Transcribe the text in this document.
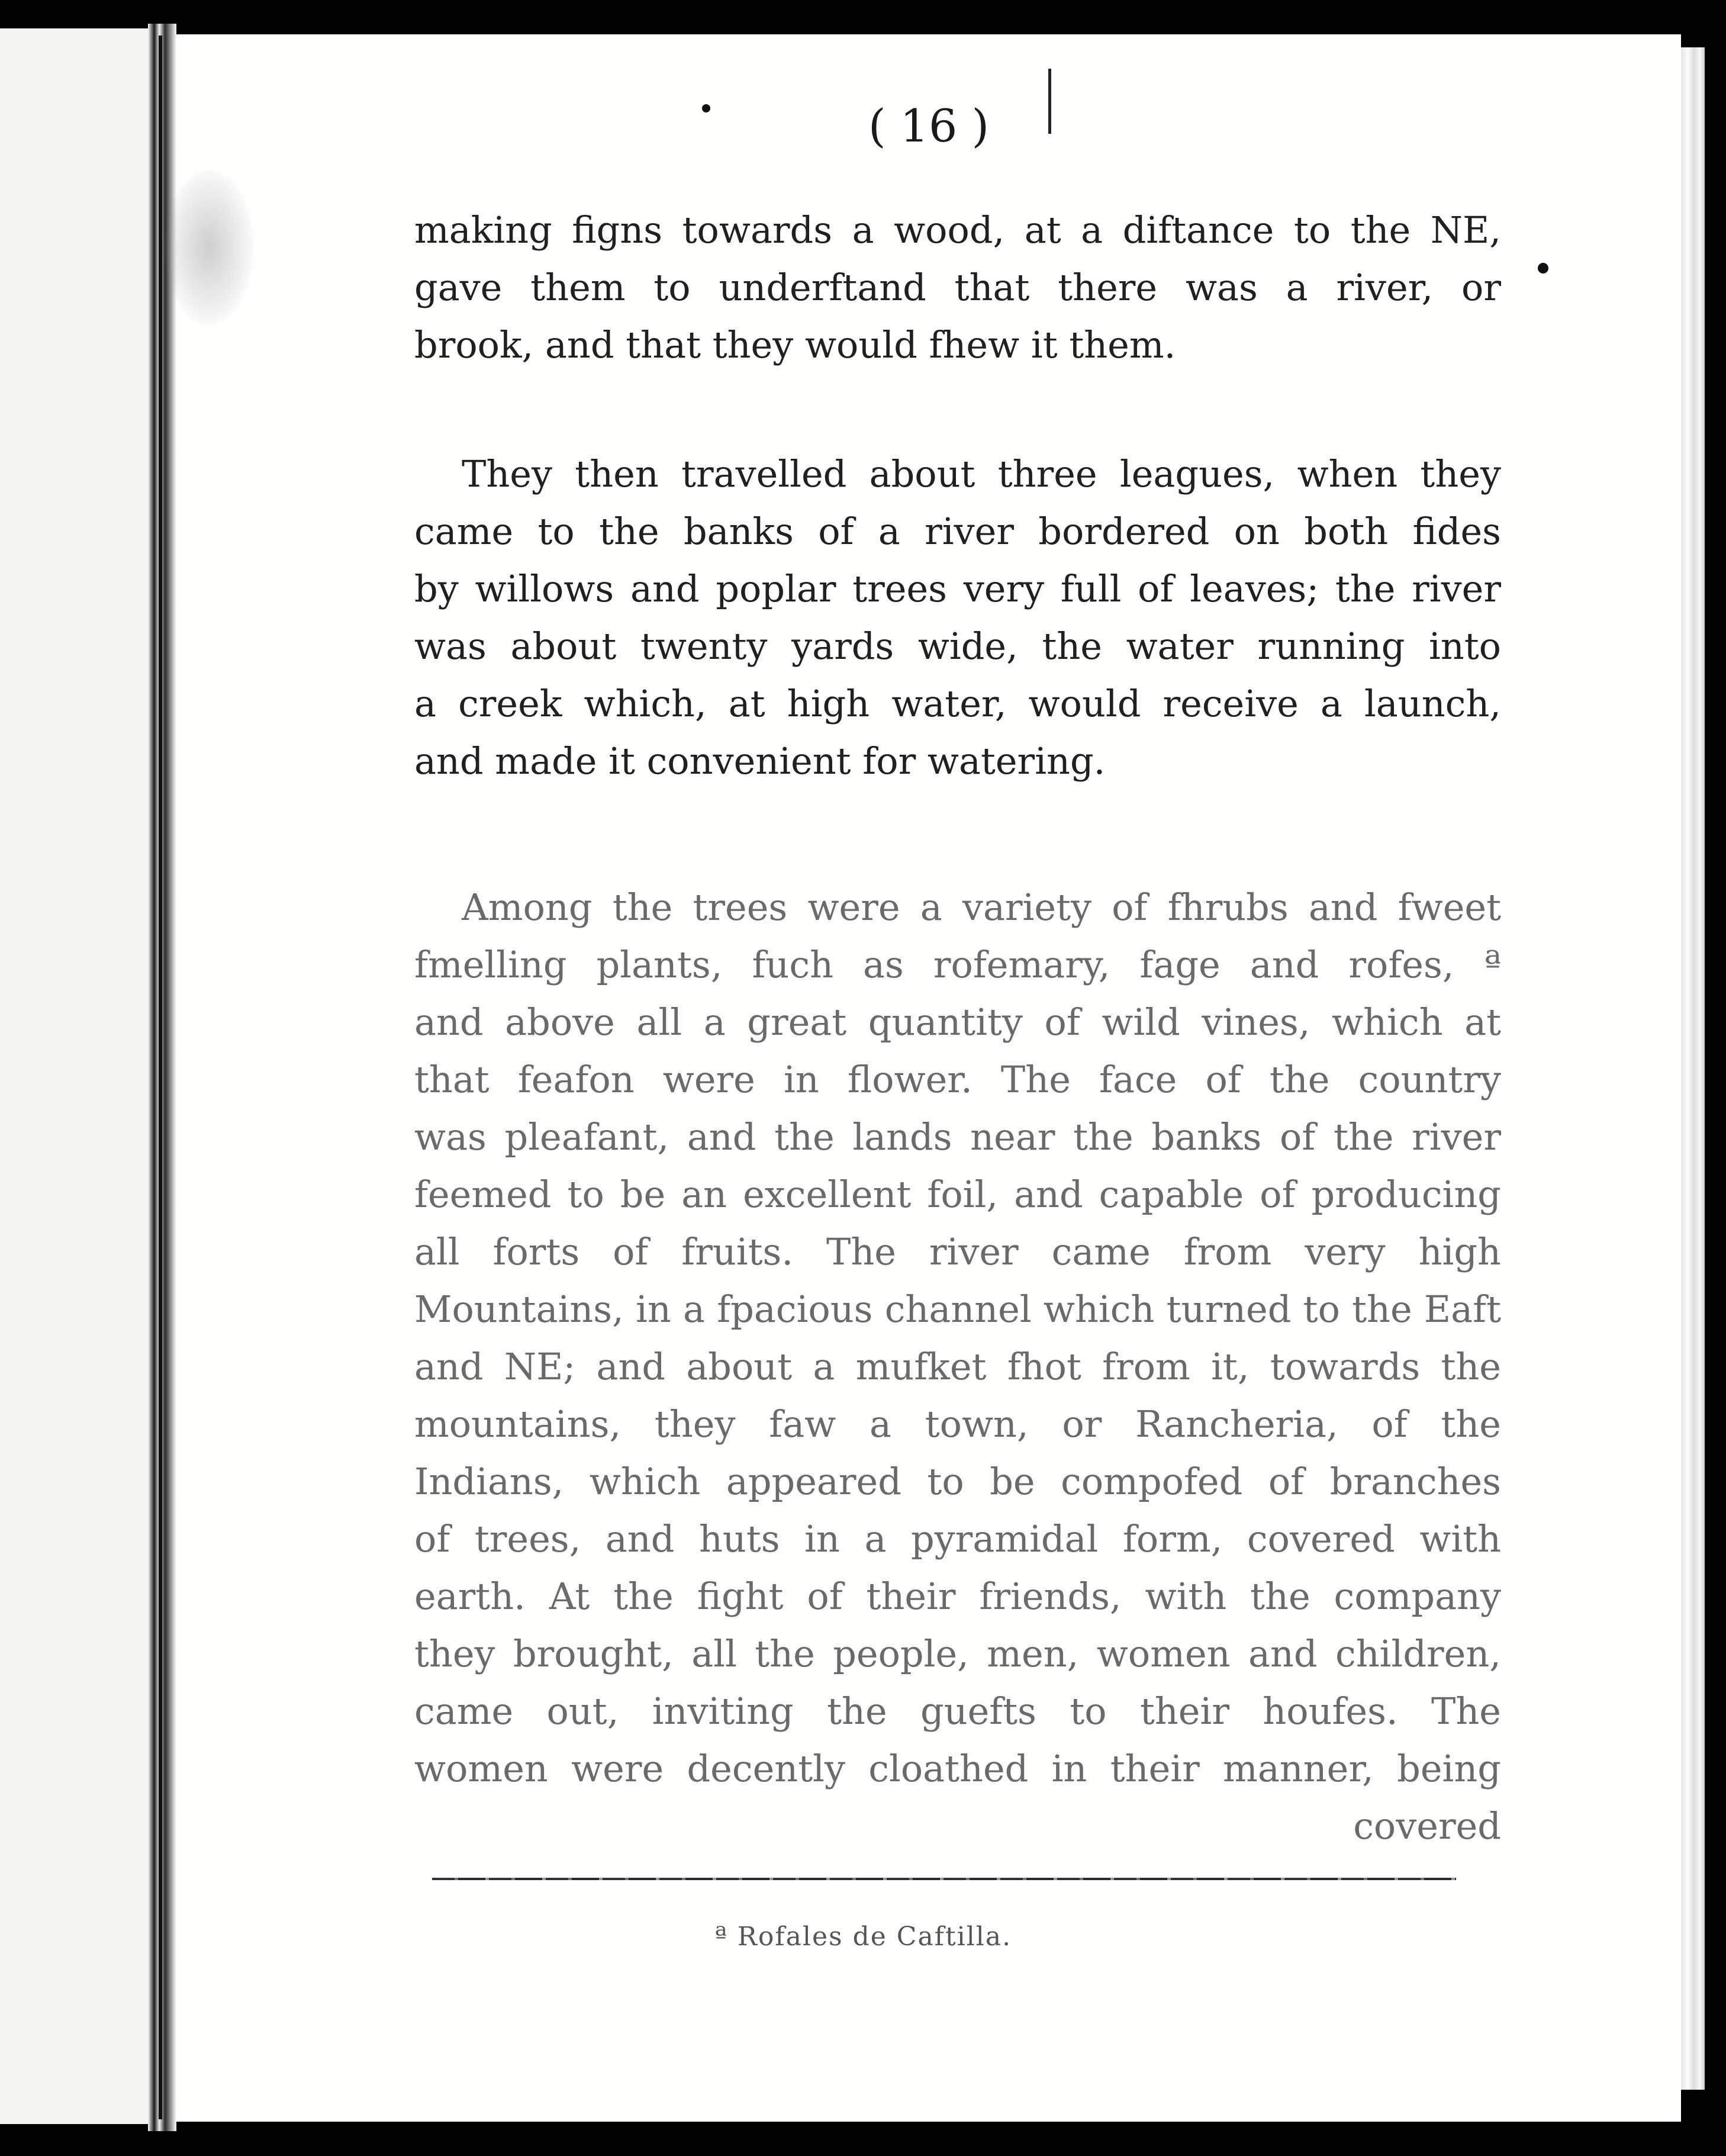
( 16 )

making figns towards a wood, at a diftance to the NE,
gave them to underftand that there was a river, or
brook, and that they would fhew it them.

They then travelled about three leagues, when they
came to the banks of a river bordered on both fides
by willows and poplar trees very full of leaves; the river
was about twenty yards wide, the water running into
a creek which, at high water, would receive a launch,
and made it convenient for watering.

Among the trees were a variety of fhrubs and fweet
fmelling plants, fuch as rofemary, fage and rofes, ª
and above all a great quantity of wild vines, which at
that feafon were in flower. The face of the country
was pleafant, and the lands near the banks of the river
feemed to be an excellent foil, and capable of producing
all forts of fruits. The river came from very high
Mountains, in a fpacious channel which turned to the Eaft
and NE; and about a mufket fhot from it, towards the
mountains, they faw a town, or Rancheria, of the
Indians, which appeared to be compofed of branches
of trees, and huts in a pyramidal form, covered with
earth. At the fight of their friends, with the company
they brought, all the people, men, women and children,
came out, inviting the guefts to their houfes. The
women were decently cloathed in their manner, being
covered

ª Rofales de Caftilla.
